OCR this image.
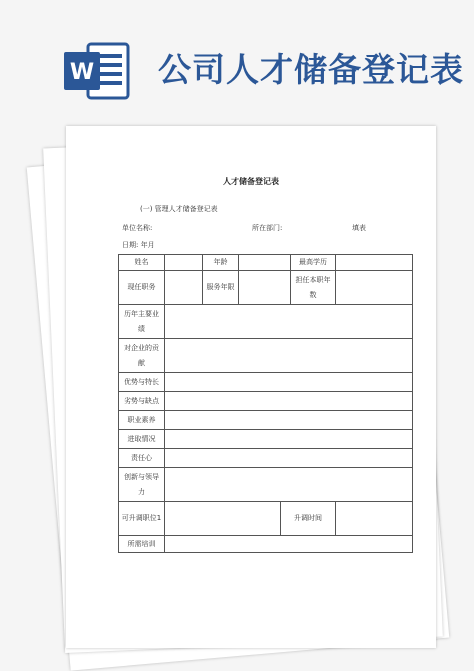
W 公司人才储备登记表
人才储备登记表
(一) 管理人才储备登记表
单位名称:	所在部门:	填表
日期: 年月
姓名		年龄			最高学历	
现任职务		服务年限			担任本职年数	
历年主要业绩						
对企业的贡献						
优势与特长						
劣势与缺点						
职业素养						
进取情况						
责任心						
创新与领导力						
可升调职位1				升调时间		
所需培训						
